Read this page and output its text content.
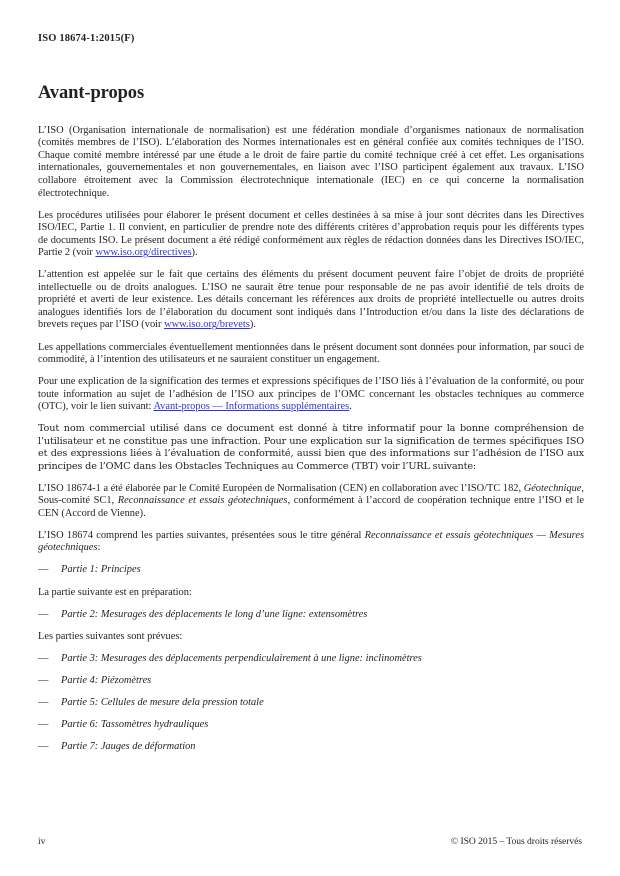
ISO 18674-1:2015(F)
Avant-propos

L’ISO (Organisation internationale de normalisation) est une fédération mondiale d’organismes nationaux de normalisation (comités membres de l’ISO). L’élaboration des Normes internationales est en général confiée aux comités techniques de l’ISO. Chaque comité membre intéressé par une étude a le droit de faire partie du comité technique créé à cet effet. Les organisations internationales, gouvernementales et non gouvernementales, en liaison avec l’ISO participent également aux travaux. L’ISO collabore étroitement avec la Commission électrotechnique internationale (IEC) en ce qui concerne la normalisation électrotechnique.

Les procédures utilisées pour élaborer le présent document et celles destinées à sa mise à jour sont décrites dans les Directives ISO/IEC, Partie 1. Il convient, en particulier de prendre note des différents critères d’approbation requis pour les différents types de documents ISO. Le présent document a été rédigé conformément aux règles de rédaction données dans les Directives ISO/IEC, Partie 2 (voir www.iso.org/directives).

L’attention est appelée sur le fait que certains des éléments du présent document peuvent faire l’objet de droits de propriété intellectuelle ou de droits analogues. L’ISO ne saurait être tenue pour responsable de ne pas avoir identifié de tels droits de propriété et averti de leur existence. Les détails concernant les références aux droits de propriété intellectuelle ou autres droits analogues identifiés lors de l’élaboration du document sont indiqués dans l’Introduction et/ou dans la liste des déclarations de brevets reçues par l’ISO (voir www.iso.org/brevets).

Les appellations commerciales éventuellement mentionnées dans le présent document sont données pour information, par souci de commodité, à l’intention des utilisateurs et ne sauraient constituer un engagement.

Pour une explication de la signification des termes et expressions spécifiques de l’ISO liés à l’évaluation de la conformité, ou pour toute information au sujet de l’adhésion de l’ISO aux principes de l’OMC concernant les obstacles techniques au commerce (OTC), voir le lien suivant: Avant-propos — Informations supplémentaires.

Tout nom commercial utilisé dans ce document est donné à titre informatif pour la bonne compréhension de l’utilisateur et ne constitue pas une infraction. Pour une explication sur la signification de termes spécifiques ISO et des expressions liées à l’évaluation de conformité, aussi bien que des informations sur l’adhésion de l’ISO aux principes de l’OMC dans les Obstacles Techniques au Commerce (TBT) voir l’URL suivante:

L’ISO 18674-1 a été élaborée par le Comité Européen de Normalisation (CEN) en collaboration avec l’ISO/TC 182, Géotechnique, Sous-comité SC1, Reconnaissance et essais géotechniques, conformément à l’accord de coopération technique entre l’ISO et le CEN (Accord de Vienne).

L’ISO 18674 comprend les parties suivantes, présentées sous le titre général Reconnaissance et essais géotechniques — Mesures géotechniques:

—	Partie 1: Principes

La partie suivante est en préparation:

—	Partie 2: Mesurages des déplacements le long d’une ligne: extensomètres

Les parties suivantes sont prévues:

—	Partie 3: Mesurages des déplacements perpendiculairement à une ligne: inclinomètres
—	Partie 4: Piézomètres
—	Partie 5: Cellules de mesure dela pression totale
—	Partie 6: Tassomètres hydrauliques
—	Partie 7: Jauges de déformation
iv	© ISO 2015 – Tous droits réservés
